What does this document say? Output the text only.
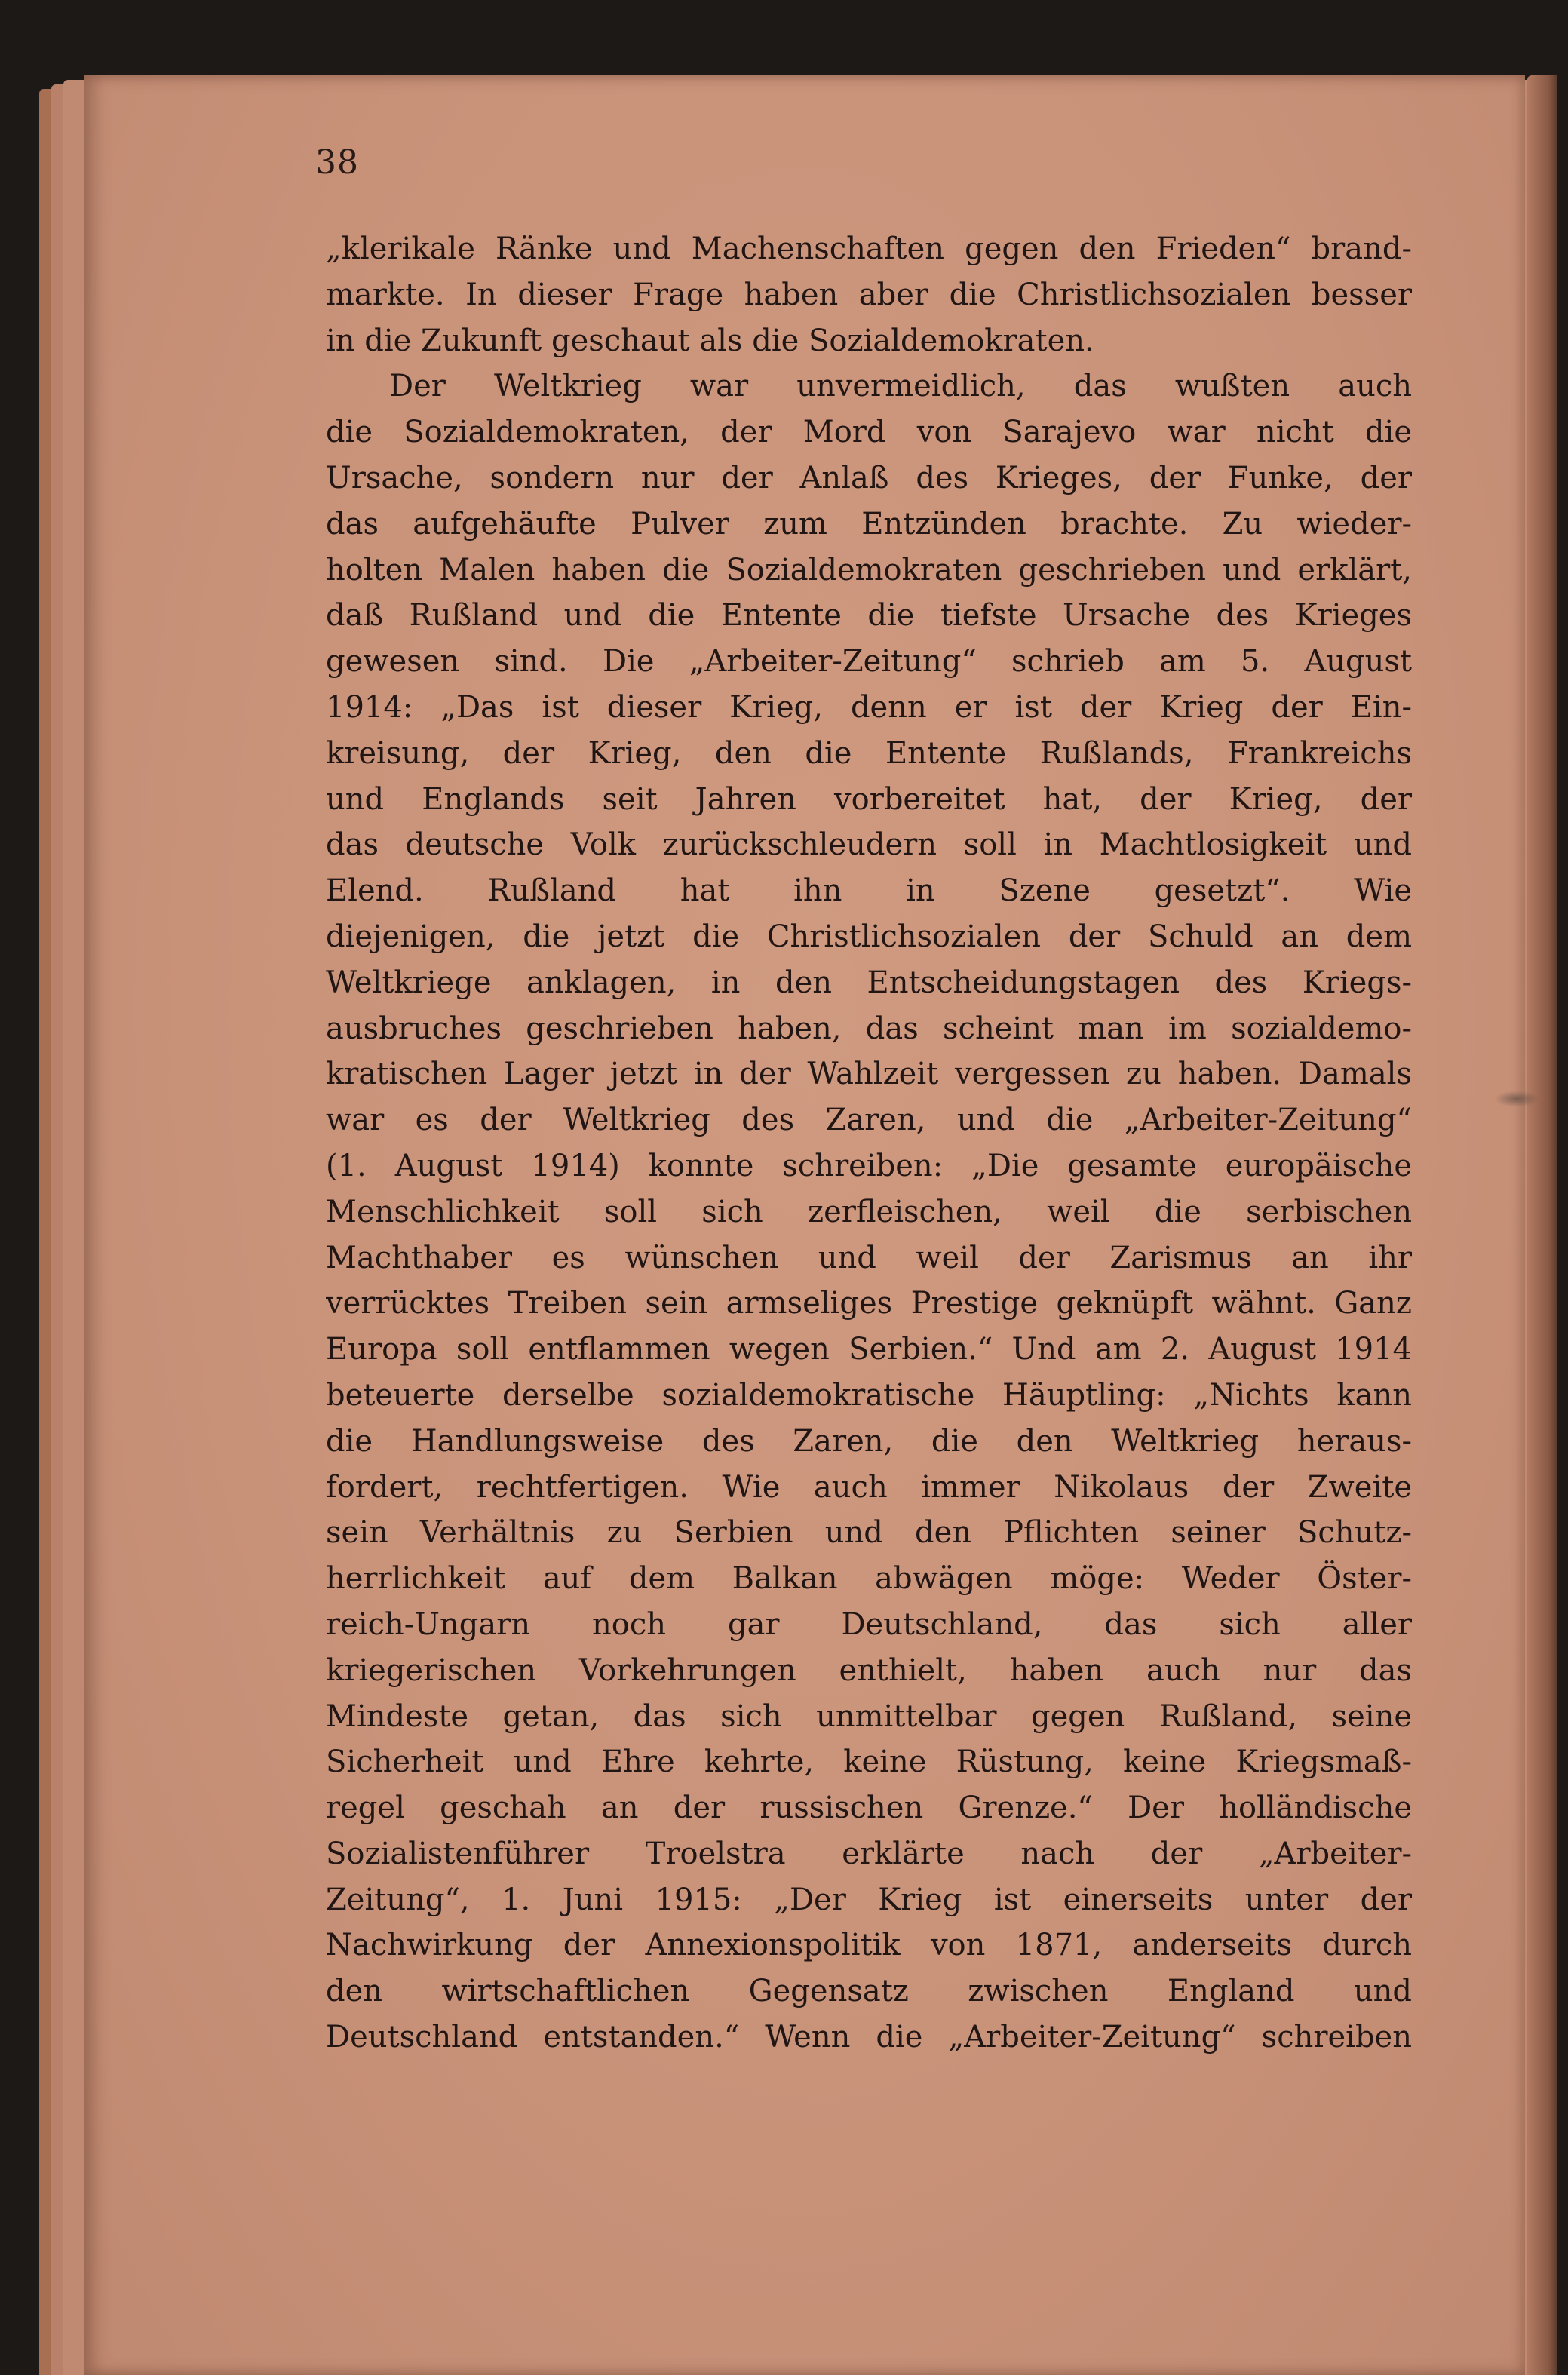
38
„klerikale Ränke und Machenschaften gegen den Frieden“ brand-
markte. In dieser Frage haben aber die Christlichsozialen besser
in die Zukunft geschaut als die Sozialdemokraten.
Der Weltkrieg war unvermeidlich, das wußten auch
die Sozialdemokraten, der Mord von Sarajevo war nicht die
Ursache, sondern nur der Anlaß des Krieges, der Funke, der
das aufgehäufte Pulver zum Entzünden brachte. Zu wieder-
holten Malen haben die Sozialdemokraten geschrieben und erklärt,
daß Rußland und die Entente die tiefste Ursache des Krieges
gewesen sind. Die „Arbeiter-Zeitung“ schrieb am 5. August
1914: „Das ist dieser Krieg, denn er ist der Krieg der Ein-
kreisung, der Krieg, den die Entente Rußlands, Frankreichs
und Englands seit Jahren vorbereitet hat, der Krieg, der
das deutsche Volk zurückschleudern soll in Machtlosigkeit und
Elend. Rußland hat ihn in Szene gesetzt“. Wie
diejenigen, die jetzt die Christlichsozialen der Schuld an dem
Weltkriege anklagen, in den Entscheidungstagen des Kriegs-
ausbruches geschrieben haben, das scheint man im sozialdemo-
kratischen Lager jetzt in der Wahlzeit vergessen zu haben. Damals
war es der Weltkrieg des Zaren, und die „Arbeiter-Zeitung“
(1. August 1914) konnte schreiben: „Die gesamte europäische
Menschlichkeit soll sich zerfleischen, weil die serbischen
Machthaber es wünschen und weil der Zarismus an ihr
verrücktes Treiben sein armseliges Prestige geknüpft wähnt. Ganz
Europa soll entflammen wegen Serbien.“ Und am 2. August 1914
beteuerte derselbe sozialdemokratische Häuptling: „Nichts kann
die Handlungsweise des Zaren, die den Weltkrieg heraus-
fordert, rechtfertigen. Wie auch immer Nikolaus der Zweite
sein Verhältnis zu Serbien und den Pflichten seiner Schutz-
herrlichkeit auf dem Balkan abwägen möge: Weder Öster-
reich-Ungarn noch gar Deutschland, das sich aller
kriegerischen Vorkehrungen enthielt, haben auch nur das
Mindeste getan, das sich unmittelbar gegen Rußland, seine
Sicherheit und Ehre kehrte, keine Rüstung, keine Kriegsmaß-
regel geschah an der russischen Grenze.“ Der holländische
Sozialistenführer Troelstra erklärte nach der „Arbeiter-
Zeitung“, 1. Juni 1915: „Der Krieg ist einerseits unter der
Nachwirkung der Annexionspolitik von 1871, anderseits durch
den wirtschaftlichen Gegensatz zwischen England und
Deutschland entstanden.“ Wenn die „Arbeiter-Zeitung“ schreiben
